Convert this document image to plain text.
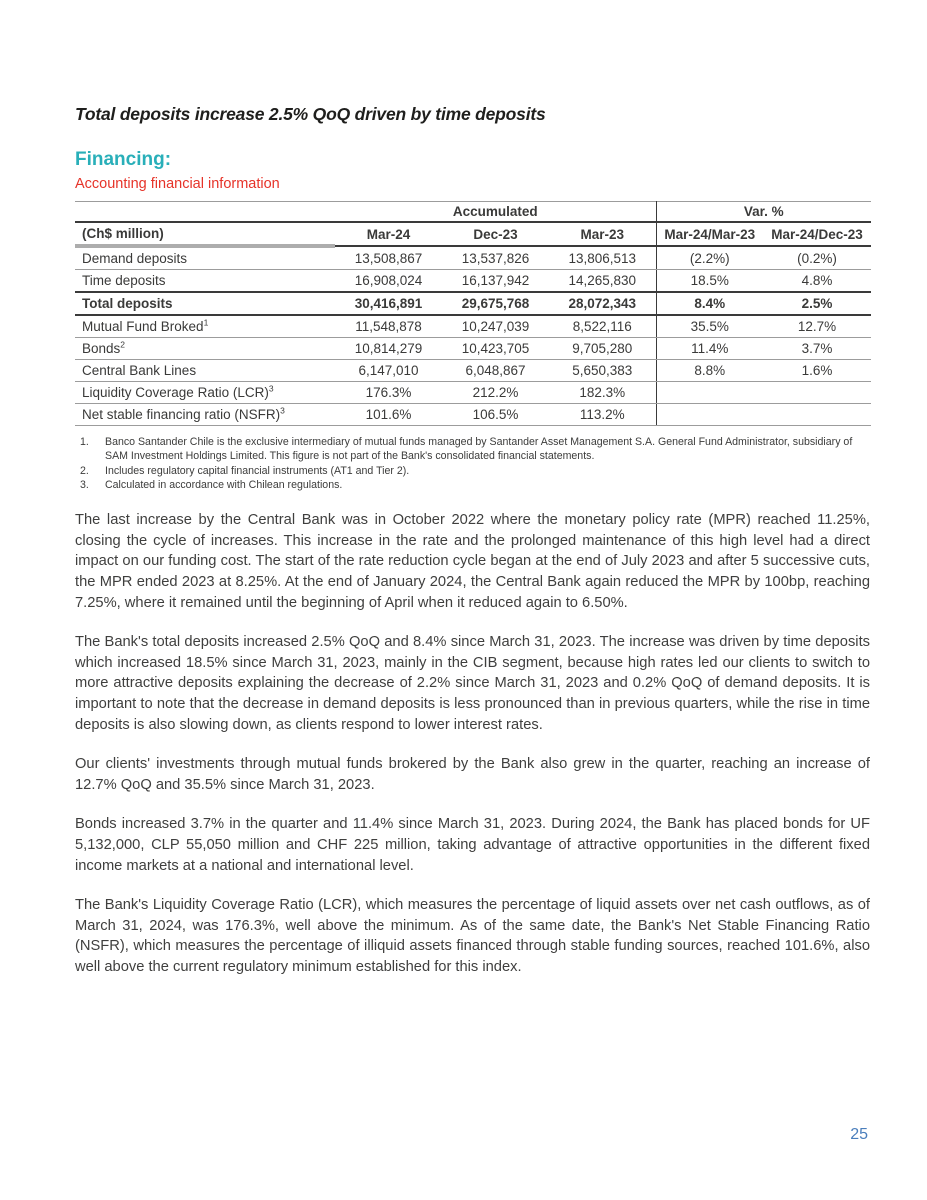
Total deposits increase 2.5% QoQ driven by time deposits
Financing:
Accounting financial information
	Accumulated			Var. %	
(Ch$ million)	Mar-24	Dec-23	Mar-23	Mar-24/Mar-23	Mar-24/Dec-23
Demand deposits	13,508,867	13,537,826	13,806,513	(2.2%)	(0.2%)
Time deposits	16,908,024	16,137,942	14,265,830	18.5%	4.8%
Total deposits	30,416,891	29,675,768	28,072,343	8.4%	2.5%
Mutual Fund Broked$^1$	11,548,878	10,247,039	8,522,116	35.5%	12.7%
Bonds$^2$	10,814,279	10,423,705	9,705,280	11.4%	3.7%
Central Bank Lines	6,147,010	6,048,867	5,650,383	8.8%	1.6%
Liquidity Coverage Ratio (LCR)$^3$	176.3%	212.2%	182.3%		
Net stable financing ratio (NSFR)$^3$	101.6%	106.5%	113.2%		
1.	Banco Santander Chile is the exclusive intermediary of mutual funds managed by Santander Asset Management S.A. General Fund Administrator, subsidiary of SAM Investment Holdings Limited. This figure is not part of the Bank's consolidated financial statements.
2.	Includes regulatory capital financial instruments (AT1 and Tier 2).
3.	Calculated in accordance with Chilean regulations.

The last increase by the Central Bank was in October 2022 where the monetary policy rate (MPR) reached 11.25%, closing the cycle of increases. This increase in the rate and the prolonged maintenance of this high level had a direct impact on our funding cost. The start of the rate reduction cycle began at the end of July 2023 and after 5 successive cuts, the MPR ended 2023 at 8.25%. At the end of January 2024, the Central Bank again reduced the MPR by 100bp, reaching 7.25%, where it remained until the beginning of April when it reduced again to 6.50%.

The Bank's total deposits increased 2.5% QoQ and 8.4% since March 31, 2023. The increase was driven by time deposits which increased 18.5% since March 31, 2023, mainly in the CIB segment, because high rates led our clients to switch to more attractive deposits explaining the decrease of 2.2% since March 31, 2023 and 0.2% QoQ of demand deposits. It is important to note that the decrease in demand deposits is less pronounced than in previous quarters, while the rise in time deposits is also slowing down, as clients respond to lower interest rates.

Our clients' investments through mutual funds brokered by the Bank also grew in the quarter, reaching an increase of 12.7% QoQ and 35.5% since March 31, 2023.

Bonds increased 3.7% in the quarter and 11.4% since March 31, 2023. During 2024, the Bank has placed bonds for UF 5,132,000, CLP 55,050 million and CHF 225 million, taking advantage of attractive opportunities in the different fixed income markets at a national and international level.

The Bank's Liquidity Coverage Ratio (LCR), which measures the percentage of liquid assets over net cash outflows, as of March 31, 2024, was 176.3%, well above the minimum. As of the same date, the Bank's Net Stable Financing Ratio (NSFR), which measures the percentage of illiquid assets financed through stable funding sources, reached 101.6%, also well above the current regulatory minimum established for this index.

25
